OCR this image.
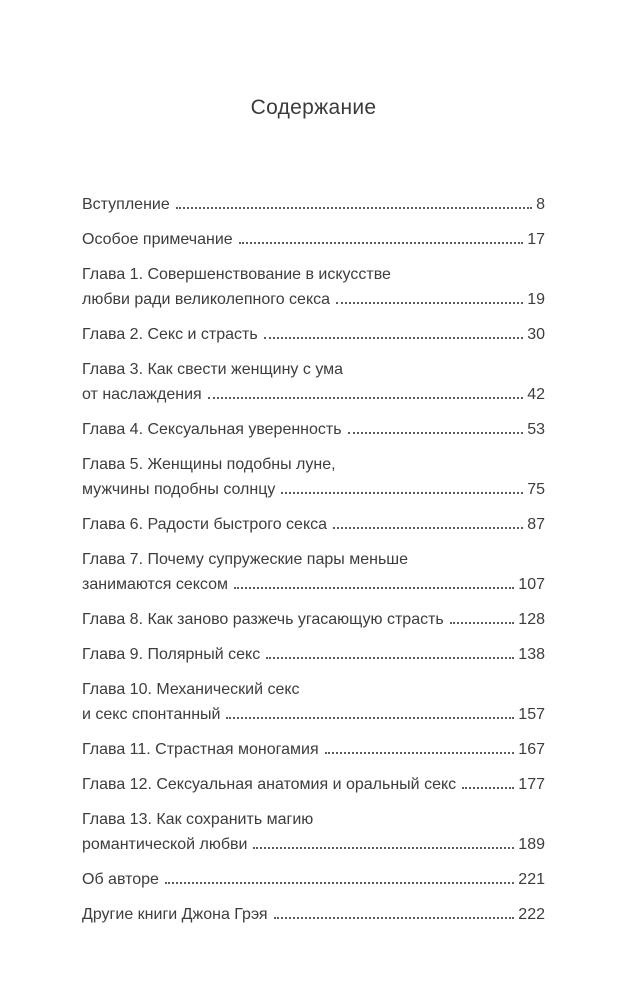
Содержание
Вступление	8
Особое примечание	17
Глава 1. Совершенствование в искусстве
любви ради великолепного секса	19
Глава 2. Секс и страсть	30
Глава 3. Как свести женщину с ума
от наслаждения	42
Глава 4. Сексуальная уверенность	53
Глава 5. Женщины подобны луне,
мужчины подобны солнцу	75
Глава 6. Радости быстрого секса	87
Глава 7. Почему супружеские пары меньше
занимаются сексом	107
Глава 8. Как заново разжечь угасающую страсть	128
Глава 9. Полярный секс	138
Глава 10. Механический секс
и секс спонтанный	157
Глава 11. Страстная моногамия	167
Глава 12. Сексуальная анатомия и оральный секс	177
Глава 13. Как сохранить магию
романтической любви	189
Об авторе	221
Другие книги Джона Грэя	222
